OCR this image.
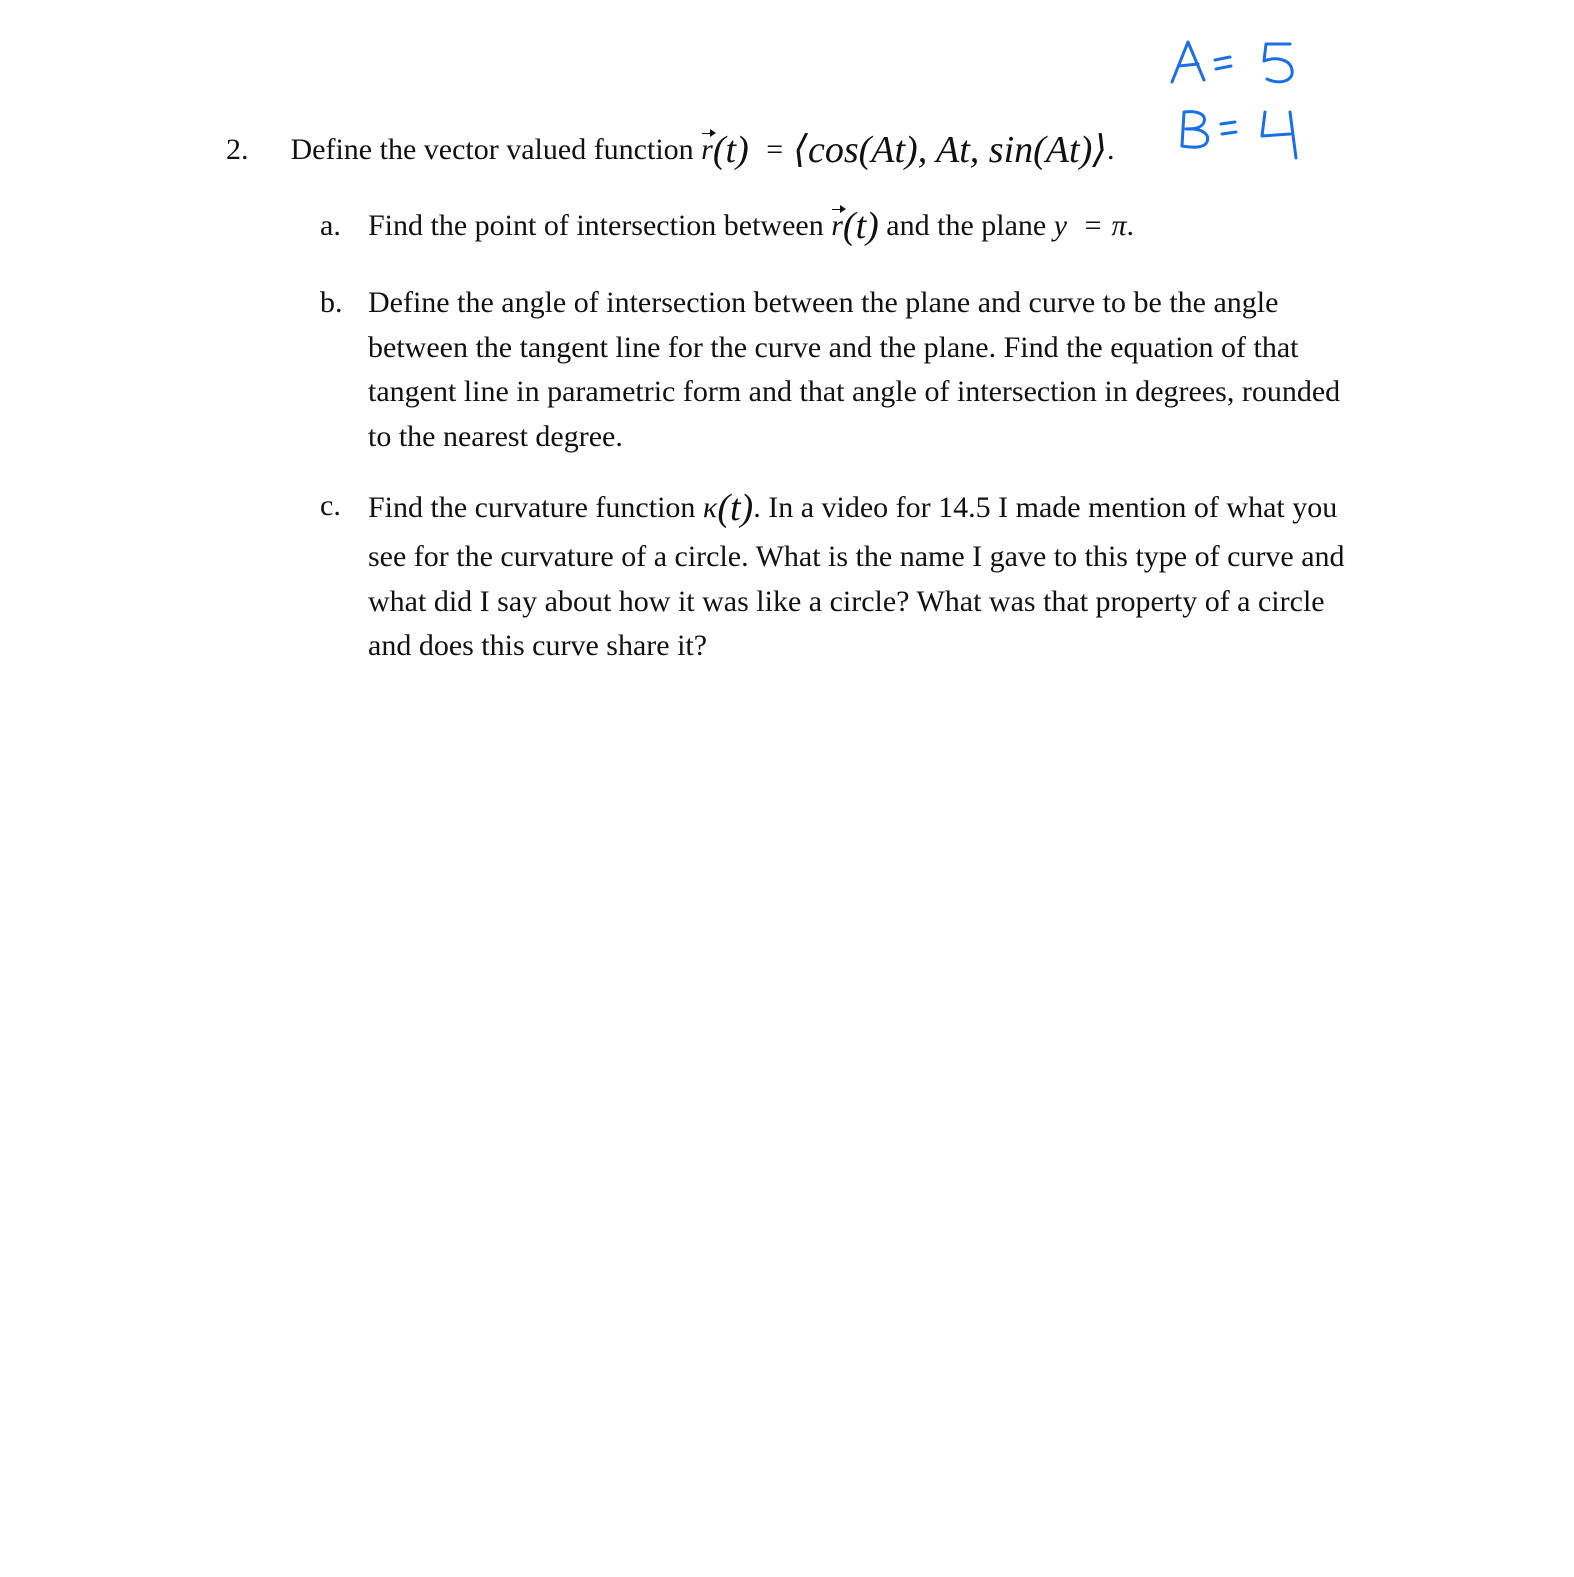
2. Define the vector valued function r(t) = ⟨cos(At), At, sin(At)⟩.
a. Find the point of intersection between r(t) and the plane y = π.
b. Define the angle of intersection between the plane and curve to be the angle

between the tangent line for the curve and the plane. Find the equation of that

tangent line in parametric form and that angle of intersection in degrees, rounded

to the nearest degree.

c. Find the curvature function κ(t). In a video for 14.5 I made mention of what you

see for the curvature of a circle. What is the name I gave to this type of curve and

what did I say about how it was like a circle? What was that property of a circle

and does this curve share it?
